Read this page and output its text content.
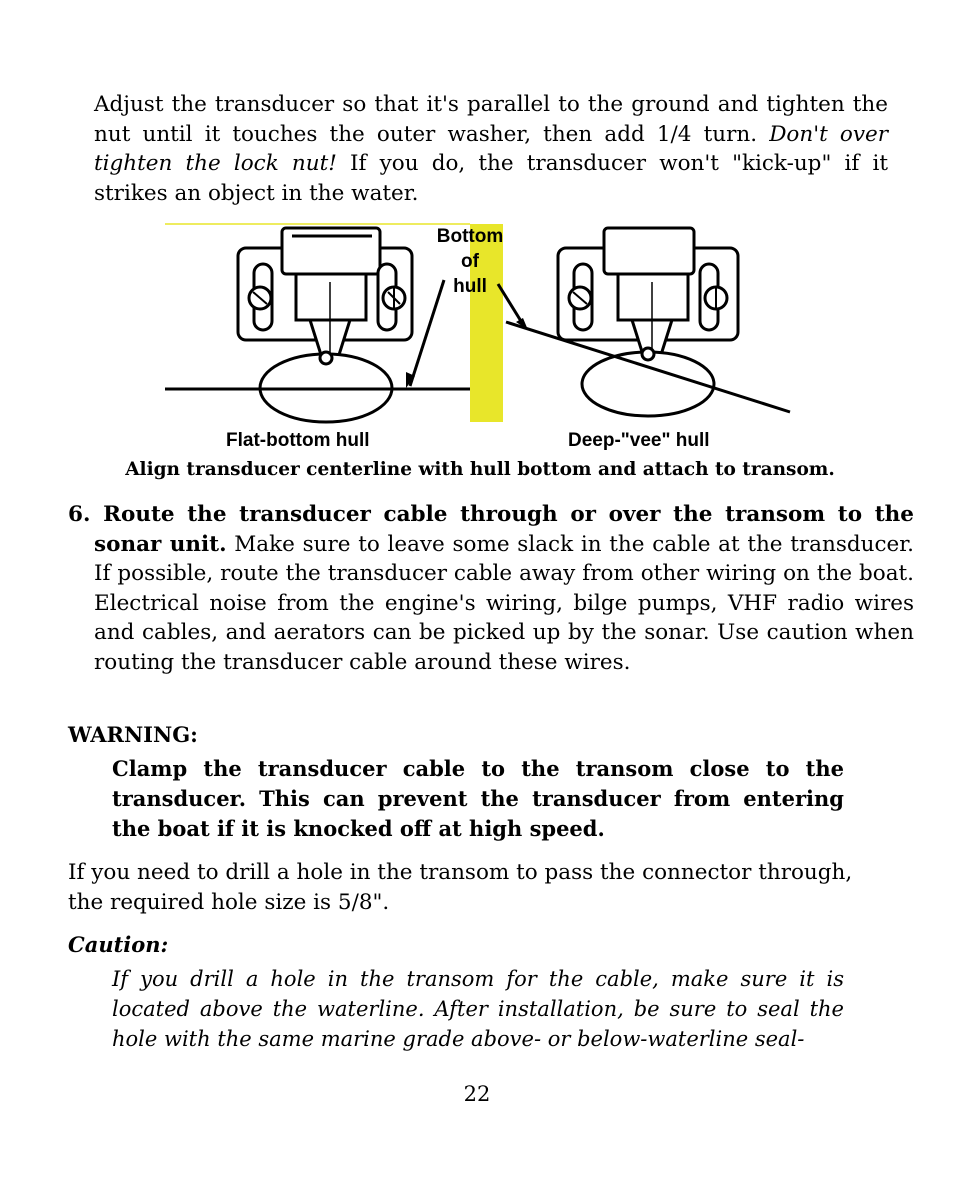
Adjust the transducer so that it's parallel to the ground and tighten the nut until it touches the outer washer, then add 1/4 turn. Don't over tighten the lock nut! If you do, the transducer won't "kick-up" if it strikes an object in the water.
Bottom
of
hull
Flat-bottom hull	Deep-"vee" hull
Align transducer centerline with hull bottom and attach to transom.
6. Route the transducer cable through or over the transom to the sonar unit. Make sure to leave some slack in the cable at the transducer. If possible, route the transducer cable away from other wiring on the boat. Electrical noise from the engine's wiring, bilge pumps, VHF radio wires and cables, and aerators can be picked up by the sonar. Use caution when routing the transducer cable around these wires.
WARNING:
Clamp the transducer cable to the transom close to the transducer. This can prevent the transducer from entering the boat if it is knocked off at high speed.
If you need to drill a hole in the transom to pass the connector through, the required hole size is 5/8".
Caution:
If you drill a hole in the transom for the cable, make sure it is located above the waterline. After installation, be sure to seal the hole with the same marine grade above- or below-waterline seal-
22
